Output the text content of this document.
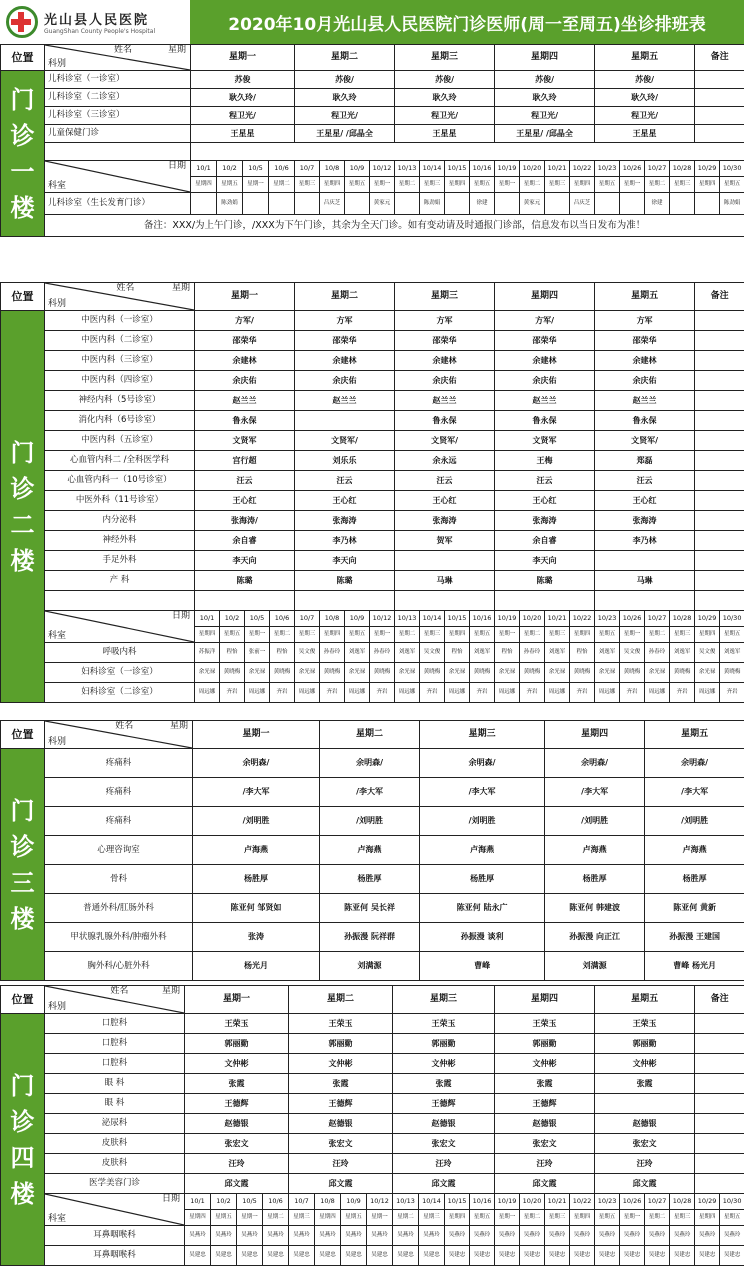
光山县人民医院
GuangShan County People's Hospital	2020年10月光山县人民医院门诊医师(周一至周五)坐诊排班表
位置	姓名 星期
科别	星期一				星期二				星期三				星期四				星期五				备注	

门
诊
一
楼	儿科诊室（一诊室）	苏俊				苏俊/				苏俊/				苏俊/				苏俊/					
	儿科诊室（二诊室）	耿久玲/				耿久玲				耿久玲				耿久玲				耿久玲/					
	儿科诊室（三诊室）	程卫光/				程卫光/				程卫光/				程卫光/				程卫光/					
	儿童保健门诊	王星星				王星星/ /邱晶全				王星星				王星星/ /邱晶全				王星星					

	日期
科室	10/1	10/2	10/5	10/6	10/7	10/8	10/9	10/12	10/13	10/14	10/15	10/16	10/19	10/20	10/21	10/22	10/23	10/26	10/27	10/28	10/29	10/30
		星期四	星期五	星期一	星期二	星期三	星期四	星期五	星期一	星期二	星期三	星期四	星期五	星期一	星期二	星期三	星期四	星期五	星期一	星期二	星期三	星期四	星期五
	儿科诊室（生长发育门诊）		陈劲娟				吕庆芝		黄家元		陈劲娟		徐建		黄家元		吕庆芝			徐建			陈劲娟
	备注：XXX/为上午门诊，/XXX为下午门诊，其余为全天门诊。如有变动请及时通报门诊部，信息发布以当日发布为准！																						
位置	姓名 星期
科别	星期一				星期二				星期三				星期四				星期五				备注	

门
诊
二
楼	中医内科（一诊室）	方军/				方军				方军				方军/				方军					
	中医内科（二诊室）	邵荣华				邵荣华				邵荣华				邵荣华				邵荣华					
	中医内科（三诊室）	余建林				余建林				余建林				余建林				余建林					
	中医内科（四诊室）	余庆佑				余庆佑				余庆佑				余庆佑				余庆佑					
	神经内科（5号诊室）	赵兰兰				赵兰兰				赵兰兰				赵兰兰				赵兰兰					
	消化内科（6号诊室）	鲁永保								鲁永保				鲁永保				鲁永保					
	中医内科（五诊室）	文贤军				文贤军/				文贤军/				文贤军				文贤军/					
	心血管内科二 /全科医学科	宫行超				刘乐乐				余永远				王梅				郑磊					
	心血管内科一（10号诊室）	汪云				汪云				汪云				汪云				汪云					
	中医外科（11号诊室）	王心红				王心红				王心红				王心红				王心红					
	内分泌科	张海涛/				张海涛				张海涛				张海涛				张海涛					
	神经外科	余自睿				李乃林				贺军				余自睿				李乃林					
	手足外科	李天向				李天向								李天向									
	产 科	陈璐				陈璐				马琳				陈璐				马琳					

	日期
科室	10/1	10/2	10/5	10/6	10/7	10/8	10/9	10/12	10/13	10/14	10/15	10/16	10/19	10/20	10/21	10/22	10/23	10/26	10/27	10/28	10/29	10/30
		星期四	星期五	星期一	星期二	星期三	星期四	星期五	星期一	星期二	星期三	星期四	星期五	星期一	星期二	星期三	星期四	星期五	星期一	星期二	星期三	星期四	星期五
	呼吸内科	苏振洋	程怡	张前一	程怡	吴文俊	孙春玲	刘逸军	孙春玲	刘逸军	吴文俊	程怡	刘逸军	程怡	孙春玲	刘逸军	程怡	刘逸军	吴文俊	孙春玲	刘逸军	吴文俊	刘逸军
	妇科诊室（一诊室）	余光禄	黄晓梅	余光禄	黄晓梅	余光禄	黄晓梅	余光禄	黄晓梅	余光禄	黄晓梅	余光禄	黄晓梅	余光禄	黄晓梅	余光禄	黄晓梅	余光禄	黄晓梅	余光禄	黄晓梅	余光禄	黄晓梅
	妇科诊室（二诊室）	周远娜	齐岩	周远娜	齐岩	周远娜	齐岩	周远娜	齐岩	周远娜	齐岩	周远娜	齐岩	周远娜	齐岩	周远娜	齐岩	周远娜	齐岩	周远娜	齐岩	周远娜	齐岩
位置	姓名 星期
科别	星期一	星期二	星期三	星期四	星期五

门
诊
三
楼	疼痛科	余明森/	余明森/	余明森/	余明森/	余明森/
	疼痛科	/李大军	/李大军	/李大军	/李大军	/李大军
	疼痛科	/刘明胜	/刘明胜	/刘明胜	/刘明胜	/刘明胜
	心理咨询室	卢海燕	卢海燕	卢海燕	卢海燕	卢海燕
	骨科	杨胜厚	杨胜厚	杨胜厚	杨胜厚	杨胜厚
	普通外科/肛肠外科	陈亚何 邹贤如	陈亚何 吴长祥	陈亚何 陆永广	陈亚何 韩建波	陈亚何 黄新
	甲状腺乳腺外科/肿瘤外科	张涛	孙振漫 阮祥群	孙振漫 谈利	孙振漫 向正江	孙振漫 王建国
	胸外科/心脏外科	杨光月	刘满源	曹峰	刘满源	曹峰 杨光月
位置	姓名 星期
科别	星期一				星期二				星期三				星期四				星期五				备注	

门
诊
四
楼	口腔科	王荣玉				王荣玉				王荣玉				王荣玉				王荣玉					
	口腔科	郭丽勤				郭丽勤				郭丽勤				郭丽勤				郭丽勤					
	口腔科	文仲彬				文仲彬				文仲彬				文仲彬				文仲彬					
	眼 科	张霞				张霞				张霞				张霞				张霞					
	眼 科	王德辉				王德辉				王德辉				王德辉									
	泌尿科	赵德银				赵德银				赵德银				赵德银				赵德银					
	皮肤科	张宏文				张宏文				张宏文				张宏文				张宏文					
	皮肤科	汪玲				汪玲				汪玲				汪玲				汪玲					
	医学美容门诊	邱文霞				邱文霞				邱文霞				邱文霞				邱文霞					

	日期
科室	10/1	10/2	10/5	10/6	10/7	10/8	10/9	10/12	10/13	10/14	10/15	10/16	10/19	10/20	10/21	10/22	10/23	10/26	10/27	10/28	10/29	10/30
		星期四	星期五	星期一	星期二	星期三	星期四	星期五	星期一	星期二	星期三	星期四	星期五	星期一	星期二	星期三	星期四	星期五	星期一	星期二	星期三	星期四	星期五
	耳鼻咽喉科	吴燕玲	吴燕玲	吴燕玲	吴燕玲	吴燕玲	吴燕玲	吴燕玲	吴燕玲	吴燕玲	吴燕玲	吴燕玲	吴燕玲	吴燕玲	吴燕玲	吴燕玲	吴燕玲	吴燕玲	吴燕玲	吴燕玲	吴燕玲	吴燕玲	吴燕玲
	耳鼻咽喉科	吴建忠	吴建忠	吴建忠	吴建忠	吴建忠	吴建忠	吴建忠	吴建忠	吴建忠	吴建忠	吴建忠	吴建忠	吴建忠	吴建忠	吴建忠	吴建忠	吴建忠	吴建忠	吴建忠	吴建忠	吴建忠	吴建忠
